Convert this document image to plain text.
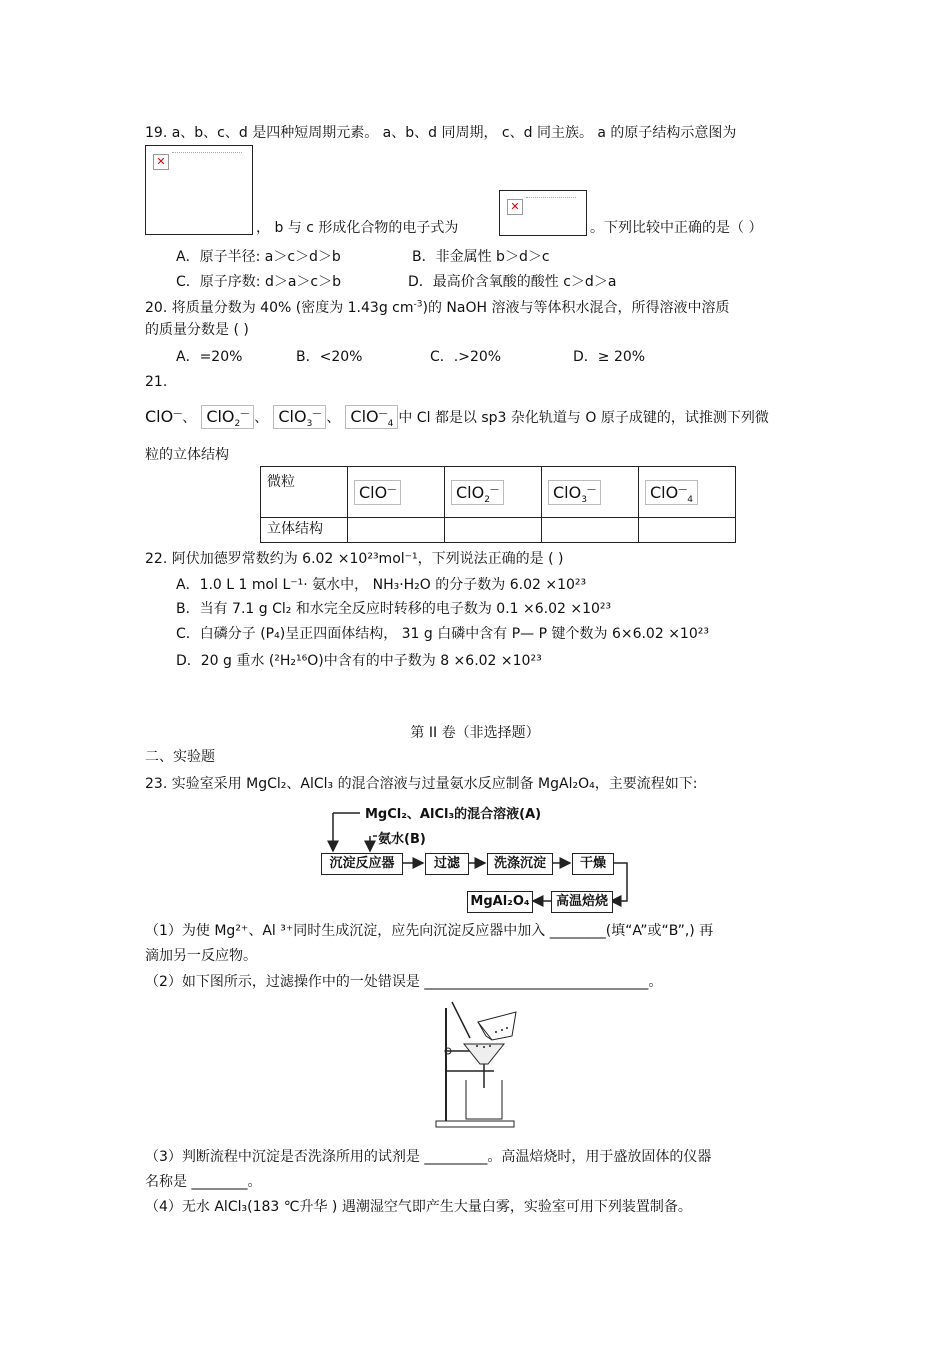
19. a、b、c、d 是四种短周期元素。 a、b、d 同周期， c、d 同主族。 a 的原子结构示意图为
✕
， b 与 c 形成化合物的电子式为
✕
。下列比较中正确的是（ ）
A．原子半径: a＞c＞d＞b	B．非金属性 b＞d＞c
C．原子序数: d＞a＞c＞b	D．最高价含氧酸的酸性 c＞d＞a
20. 将质量分数为 40% (密度为 1.43g $cm^{-3}$)的 NaOH 溶液与等体积水混合，所得溶液中溶质
的质量分数是 ( )
A．=20%	B．<20%	C．.>20%	D．≥ 20%
21.
ClO—、 ClO$_2$— 、 ClO$_3$— 、 ClO—$_4$ 中 Cl 都是以 sp3 杂化轨道与 O 原子成键的，试推测下列微
粒的立体结构
微粒	ClO—	ClO$_2$—	ClO$_3$—	ClO—$_4$
立体结构				
22. 阿伏加德罗常数约为 6.02 ×10²³mol⁻¹，下列说法正确的是 ( )
A．1.0 L 1 mol L⁻¹· 氨水中， NH₃·H₂O 的分子数为 6.02 ×10²³
B．当有 7.1 g Cl₂ 和水完全反应时转移的电子数为 0.1 ×6.02 ×10²³
C．白磷分子 (P₄)呈正四面体结构， 31 g 白磷中含有 P— P 键个数为 6×6.02 ×10²³
D．20 g 重水 (²H₂¹⁶O)中含有的中子数为 8 ×6.02 ×10²³
第 II 卷（非选择题）
二、实验题
23. 实验室采用 MgCl₂、AlCl₃ 的混合溶液与过量氨水反应制备 MgAl₂O₄，主要流程如下:
MgCl₂、AlCl₃的混合溶液(A)
氨水(B)
沉淀反应器	过滤	洗涤沉淀	干燥
高温焙烧
MgAl₂O₄
（1）为使 Mg²⁺、Al ³⁺同时生成沉淀，应先向沉淀反应器中加入 ________(填“A”或“B”,) 再
滴加另一反应物。
（2）如下图所示，过滤操作中的一处错误是 ________________________________。
（3）判断流程中沉淀是否洗涤所用的试剂是 _________。高温焙烧时，用于盛放固体的仪器
名称是 ________。
（4）无水 AlCl₃(183 ℃升华 ) 遇潮湿空气即产生大量白雾，实验室可用下列装置制备。
